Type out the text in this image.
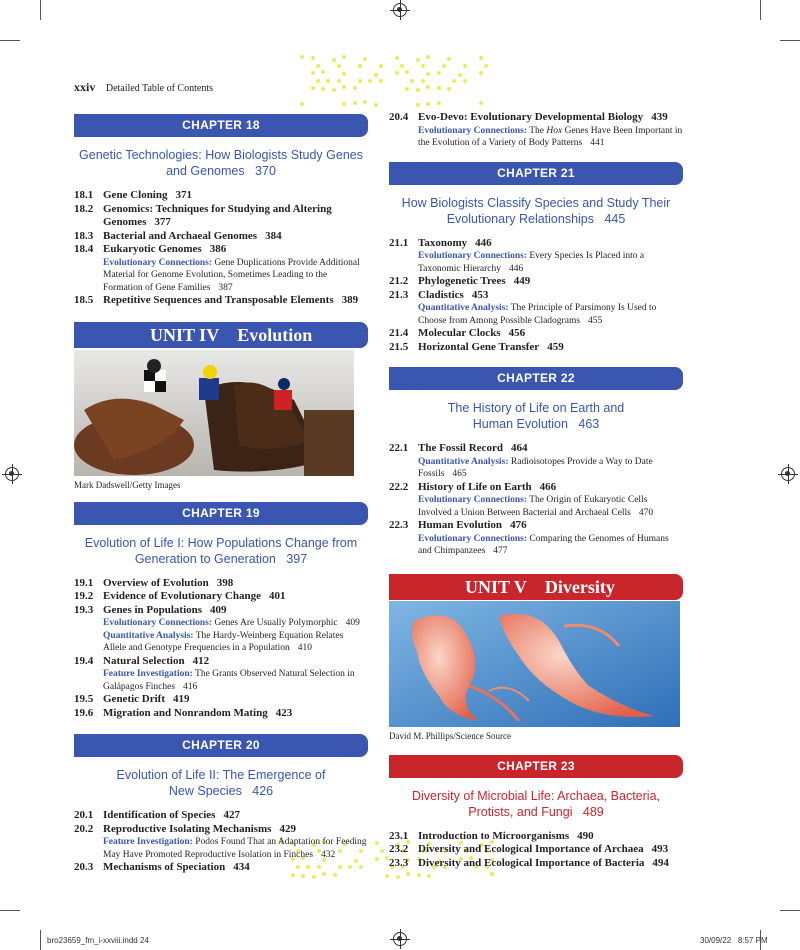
xxiv Detailed Table of Contents
CHAPTER 18
Genetic Technologies: How Biologists Study Genes and Genomes 370
18.1 Gene Cloning 371
18.2 Genomics: Techniques for Studying and Altering Genomes 377
18.3 Bacterial and Archaeal Genomes 384
18.4 Eukaryotic Genomes 386
Evolutionary Connections: Gene Duplications Provide Additional Material for Genome Evolution, Sometimes Leading to the Formation of Gene Families 387
18.5 Repetitive Sequences and Transposable Elements 389
UNIT IV Evolution
Mark Dadswell/Getty Images
CHAPTER 19
Evolution of Life I: How Populations Change from Generation to Generation 397
19.1 Overview of Evolution 398
19.2 Evidence of Evolutionary Change 401
19.3 Genes in Populations 409
Evolutionary Connections: Genes Are Usually Polymorphic 409
Quantitative Analysis: The Hardy-Weinberg Equation Relates Allele and Genotype Frequencies in a Population 410
19.4 Natural Selection 412
Feature Investigation: The Grants Observed Natural Selection in Galápagos Finches 416
19.5 Genetic Drift 419
19.6 Migration and Nonrandom Mating 423
CHAPTER 20
Evolution of Life II: The Emergence of New Species 426
20.1 Identification of Species 427
20.2 Reproductive Isolating Mechanisms 429
Feature Investigation: Podos Found That an Adaptation for Feeding May Have Promoted Reproductive Isolation in Finches 432
20.3 Mechanisms of Speciation 434
20.4 Evo-Devo: Evolutionary Developmental Biology 439
Evolutionary Connections: The Hox Genes Have Been Important in the Evolution of a Variety of Body Patterns 441
CHAPTER 21
How Biologists Classify Species and Study Their Evolutionary Relationships 445
21.1 Taxonomy 446
Evolutionary Connections: Every Species Is Placed into a Taxonomic Hierarchy 446
21.2 Phylogenetic Trees 449
21.3 Cladistics 453
Quantitative Analysis: The Principle of Parsimony Is Used to Choose from Among Possible Cladograms 455
21.4 Molecular Clocks 456
21.5 Horizontal Gene Transfer 459
CHAPTER 22
The History of Life on Earth and Human Evolution 463
22.1 The Fossil Record 464
Quantitative Analysis: Radioisotopes Provide a Way to Date Fossils 465
22.2 History of Life on Earth 466
Evolutionary Connections: The Origin of Eukaryotic Cells Involved a Union Between Bacterial and Archaeal Cells 470
22.3 Human Evolution 476
Evolutionary Connections: Comparing the Genomes of Humans and Chimpanzees 477
UNIT V Diversity
David M. Phillips/Science Source
CHAPTER 23
Diversity of Microbial Life: Archaea, Bacteria, Protists, and Fungi 489
23.1 Introduction to Microorganisms 490
23.2 Diversity and Ecological Importance of Archaea 493
23.3 Diversity and Ecological Importance of Bacteria 494
bro23659_fm_i-xxviii.indd 24	30/09/22 8:57 PM
